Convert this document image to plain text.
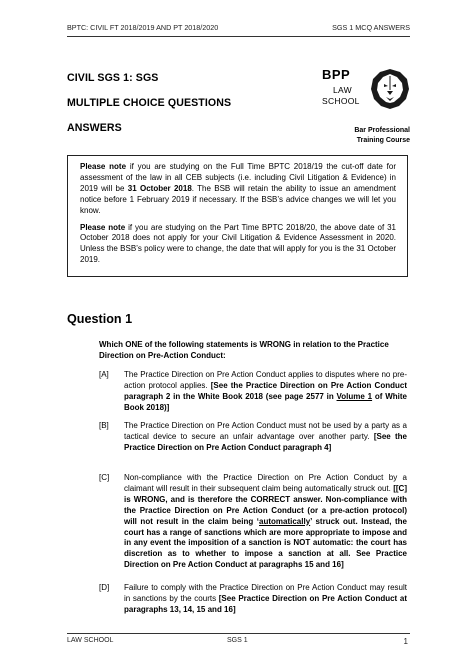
BPTC: CIVIL FT 2018/2019 AND PT 2018/2020	SGS 1 MCQ ANSWERS
CIVIL SGS 1: SGS
MULTIPLE CHOICE QUESTIONS
ANSWERS
BPP
LAW
SCHOOL
Bar Professional
Training Course

Please note if you are studying on the Full Time BPTC 2018/19 the cut-off date for assessment of the law in all CEB subjects (i.e. including Civil Litigation & Evidence) in 2019 will be 31 October 2018. The BSB will retain the ability to issue an amendment notice before 1 February 2019 if necessary. If the BSB’s advice changes we will let you know.

Please note if you are studying on the Part Time BPTC 2018/20, the above date of 31 October 2018 does not apply for your Civil Litigation & Evidence Assessment in 2020. Unless the BSB’s policy were to change, the date that will apply for you is the 31 October 2019.

Question 1
Which ONE of the following statements is WRONG in relation to the Practice Direction on Pre-Action Conduct:
[A] The Practice Direction on Pre Action Conduct applies to disputes where no pre-action protocol applies. [See the Practice Direction on Pre Action Conduct paragraph 2 in the White Book 2018 (see page 2577 in Volume 1 of White Book 2018)]
[B] The Practice Direction on Pre Action Conduct must not be used by a party as a tactical device to secure an unfair advantage over another party. [See the Practice Direction on Pre Action Conduct paragraph 4]
[C] Non-compliance with the Practice Direction on Pre Action Conduct by a claimant will result in their subsequent claim being automatically struck out. [[C] is WRONG, and is therefore the CORRECT answer. Non-compliance with the Practice Direction on Pre Action Conduct (or a pre-action protocol) will not result in the claim being ‘automatically’ struck out. Instead, the court has a range of sanctions which are more appropriate to impose and in any event the imposition of a sanction is NOT automatic: the court has discretion as to whether to impose a sanction at all. See Practice Direction on Pre Action Conduct at paragraphs 15 and 16]
[D] Failure to comply with the Practice Direction on Pre Action Conduct may result in sanctions by the courts [See Practice Direction on Pre Action Conduct at paragraphs 13, 14, 15 and 16]
LAW SCHOOL	SGS 1	1
